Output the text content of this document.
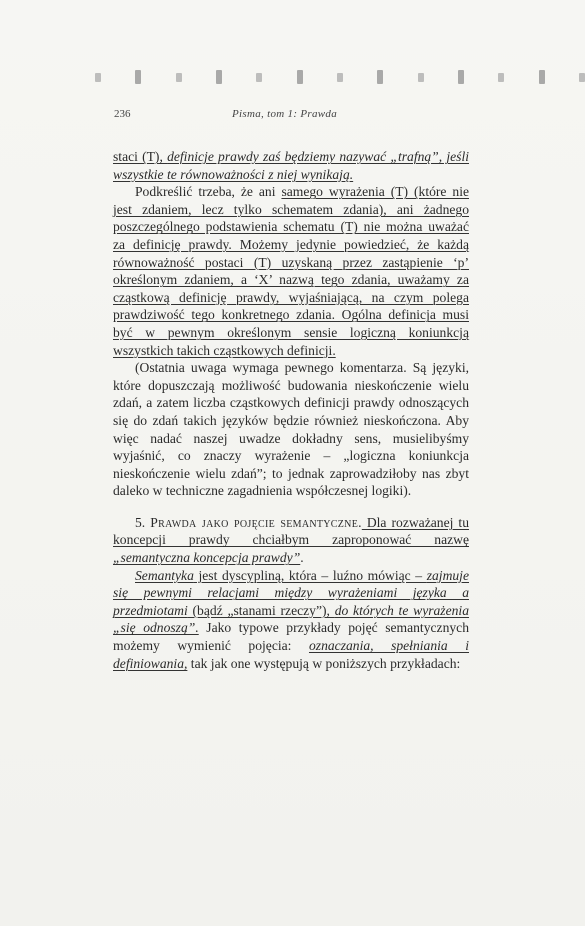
236	Pisma, tom 1: Prawda

staci (T), definicje prawdy zaś będziemy nazywać „trafną”, jeśli wszystkie te równoważności z niej wynikają.

Podkreślić trzeba, że ani samego wyrażenia (T) (które nie jest zdaniem, lecz tylko schematem zdania), ani żadnego poszczególnego podstawienia schematu (T) nie można uważać za definicję prawdy. Możemy jedynie powiedzieć, że każdą równoważność postaci (T) uzyskaną przez zastąpienie ‘p’ określonym zdaniem, a ‘X’ nazwą tego zdania, uważamy za cząstkową definicję prawdy, wyjaśniającą, na czym polega prawdziwość tego konkretnego zdania. Ogólna definicja musi być w pewnym określonym sensie logiczną koniunkcją wszystkich takich cząstkowych definicji.

(Ostatnia uwaga wymaga pewnego komentarza. Są języki, które dopuszczają możliwość budowania nieskończenie wielu zdań, a zatem liczba cząstkowych definicji prawdy odnoszących się do zdań takich języków będzie również nieskończona. Aby więc nadać naszej uwadze dokładny sens, musielibyśmy wyjaśnić, co znaczy wyrażenie – „logiczna koniunkcja nieskończenie wielu zdań”; to jednak zaprowadziłoby nas zbyt daleko w techniczne zagadnienia współczesnej logiki).

5. Prawda jako pojęcie semantyczne. Dla rozważanej tu koncepcji prawdy chciałbym zaproponować nazwę „semantyczna koncepcja prawdy”.

Semantyka jest dyscypliną, która – luźno mówiąc – zajmuje się pewnymi relacjami między wyrażeniami języka a przedmiotami (bądź „stanami rzeczy”), do których te wyrażenia „się odnoszą”. Jako typowe przykłady pojęć semantycznych możemy wymienić pojęcia: oznaczania, spełniania i definiowania, tak jak one występują w poniższych przykładach:
